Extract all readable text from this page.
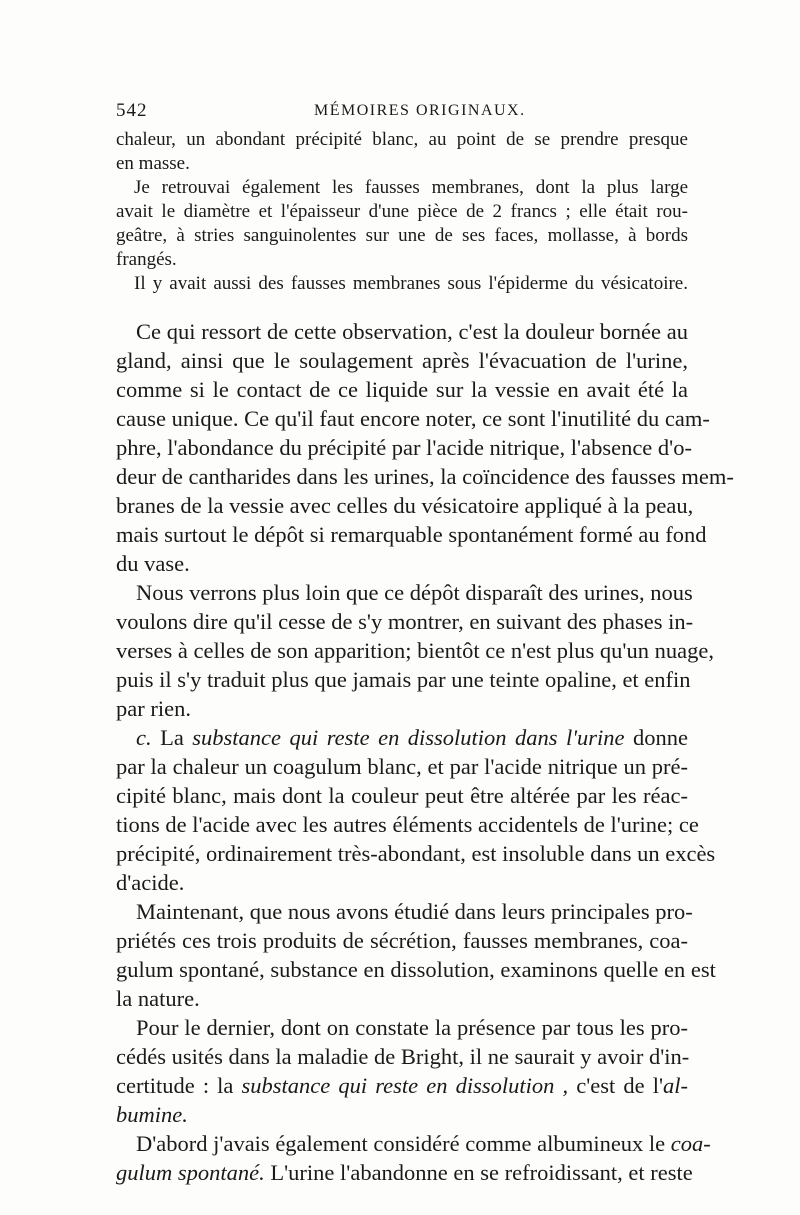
542	MÉMOIRES ORIGINAUX.
chaleur, un abondant précipité blanc, au point de se prendre presque
en masse.
Je retrouvai également les fausses membranes, dont la plus large
avait le diamètre et l'épaisseur d'une pièce de 2 francs ; elle était rou-
geâtre, à stries sanguinolentes sur une de ses faces, mollasse, à bords
frangés.
Il y avait aussi des fausses membranes sous l'épiderme du vésicatoire.
Ce qui ressort de cette observation, c'est la douleur bornée au
gland, ainsi que le soulagement après l'évacuation de l'urine,
comme si le contact de ce liquide sur la vessie en avait été la
cause unique. Ce qu'il faut encore noter, ce sont l'inutilité du cam-
phre, l'abondance du précipité par l'acide nitrique, l'absence d'o-
deur de cantharides dans les urines, la coïncidence des fausses mem-
branes de la vessie avec celles du vésicatoire appliqué à la peau,
mais surtout le dépôt si remarquable spontanément formé au fond
du vase.
Nous verrons plus loin que ce dépôt disparaît des urines, nous
voulons dire qu'il cesse de s'y montrer, en suivant des phases in-
verses à celles de son apparition; bientôt ce n'est plus qu'un nuage,
puis il s'y traduit plus que jamais par une teinte opaline, et enfin
par rien.
c. La substance qui reste en dissolution dans l'urine donne
par la chaleur un coagulum blanc, et par l'acide nitrique un pré-
cipité blanc, mais dont la couleur peut être altérée par les réac-
tions de l'acide avec les autres éléments accidentels de l'urine; ce
précipité, ordinairement très-abondant, est insoluble dans un excès
d'acide.
Maintenant, que nous avons étudié dans leurs principales pro-
priétés ces trois produits de sécrétion, fausses membranes, coa-
gulum spontané, substance en dissolution, examinons quelle en est
la nature.
Pour le dernier, dont on constate la présence par tous les pro-
cédés usités dans la maladie de Bright, il ne saurait y avoir d'in-
certitude : la substance qui reste en dissolution , c'est de l'al-
bumine.
D'abord j'avais également considéré comme albumineux le coa-
gulum spontané. L'urine l'abandonne en se refroidissant, et reste
